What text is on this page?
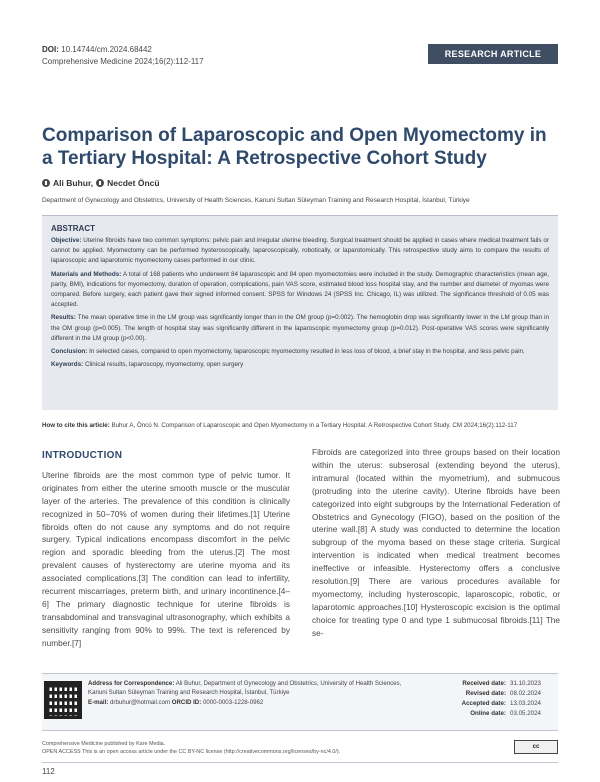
DOI: 10.14744/cm.2024.68442
Comprehensive Medicine 2024;16(2):112-117
RESEARCH ARTICLE
Comparison of Laparoscopic and Open Myomectomy in a Tertiary Hospital: A Retrospective Cohort Study
Ali Buhur, Necdet Öncü
Department of Gynecology and Obstetrics, University of Health Sciences, Kanuni Sultan Süleyman Training and Research Hospital, İstanbul, Türkiye
ABSTRACT

Objective: Uterine fibroids have two common symptoms: pelvic pain and irregular uterine bleeding. Surgical treatment should be applied in cases where medical treatment fails or cannot be applied. Myomectomy can be performed hysteroscopically, laparoscopically, robotically, or laparotomically. This retrospective study aims to compare the results of laparoscopic and laparotomic myomectomy cases performed in our clinic.

Materials and Methods: A total of 168 patients who underwent 84 laparoscopic and 84 open myomectomies were included in the study. Demographic characteristics (mean age, parity, BMI), indications for myomectomy, duration of operation, complications, pain VAS score, estimated blood loss hospital stay, and the number and diameter of myomas were compared. Before surgery, each patient gave their signed informed consent. SPSS for Windows 24 (SPSS Inc. Chicago, IL) was utilized. The significance threshold of 0.05 was accepted.

Results: The mean operative time in the LM group was significantly longer than in the OM group (p=0.002). The hemoglobin drop was significantly lower in the LM group than in the OM group (p=0.005). The length of hospital stay was significantly different in the laparoscopic myomectomy group (p=0.012). Post-operative VAS scores were significantly different in the LM group (p<0.00).

Conclusion: In selected cases, compared to open myomectomy, laparoscopic myomectomy resulted in less loss of blood, a brief stay in the hospital, and less pelvic pain.

Keywords: Clinical results, laparoscopy, myomectomy, open surgery

How to cite this article: Buhur A, Öncü N. Comparison of Laparoscopic and Open Myomectomy in a Tertiary Hospital: A Retrospective Cohort Study. CM 2024;16(2):112-117
INTRODUCTION

Uterine fibroids are the most common type of pelvic tumor. It originates from either the uterine smooth muscle or the muscular layer of the arteries. The prevalence of this condition is clinically recognized in 50–70% of women during their lifetimes.[1] Uterine fibroids often do not cause any symptoms and do not require surgery. Typical indications encompass discomfort in the pelvic region and sporadic bleeding from the uterus.[2] The most prevalent causes of hysterectomy are uterine myoma and its associated complications.[3] The condition can lead to infertility, recurrent miscarriages, preterm birth, and urinary incontinence.[4–6] The primary diagnostic technique for uterine fibroids is transabdominal and transvaginal ultrasonography, which exhibits a sensitivity ranging from 90% to 99%. The text is referenced by number.[7]

Fibroids are categorized into three groups based on their location within the uterus: subserosal (extending beyond the uterus), intramural (located within the myometrium), and submucous (protruding into the uterine cavity). Uterine fibroids have been categorized into eight subgroups by the International Federation of Obstetrics and Gynecology (FIGO), based on the position of the uterine wall.[8] A study was conducted to determine the location subgroup of the myoma based on these stage criteria. Surgical intervention is indicated when medical treatment becomes ineffective or infeasible. Hysterectomy offers a conclusive resolution.[9] There are various procedures available for myomectomy, including hysteroscopic, laparoscopic, robotic, or laparotomic approaches.[10] Hysteroscopic excision is the optimal choice for treating type 0 and type 1 submucosal fibroids.[11] The se-

Address for Correspondence: Ali Buhur, Department of Gynecology and Obstetrics, University of Health Sciences, Kanuni Sultan Süleyman Training and Research Hospital, İstanbul, Türkiye
E-mail: drbuhur@hotmail.com ORCID ID: 0000-0003-1228-0962
Received date: 31.10.2023
Revised date: 08.02.2024
Accepted date: 13.03.2024
Online date: 03.05.2024
Comprehensive Medicine published by Kare Media.
OPEN ACCESS This is an open access article under the CC BY-NC license (http://creativecommons.org/licenses/by-nc/4.0/).
cc
112
